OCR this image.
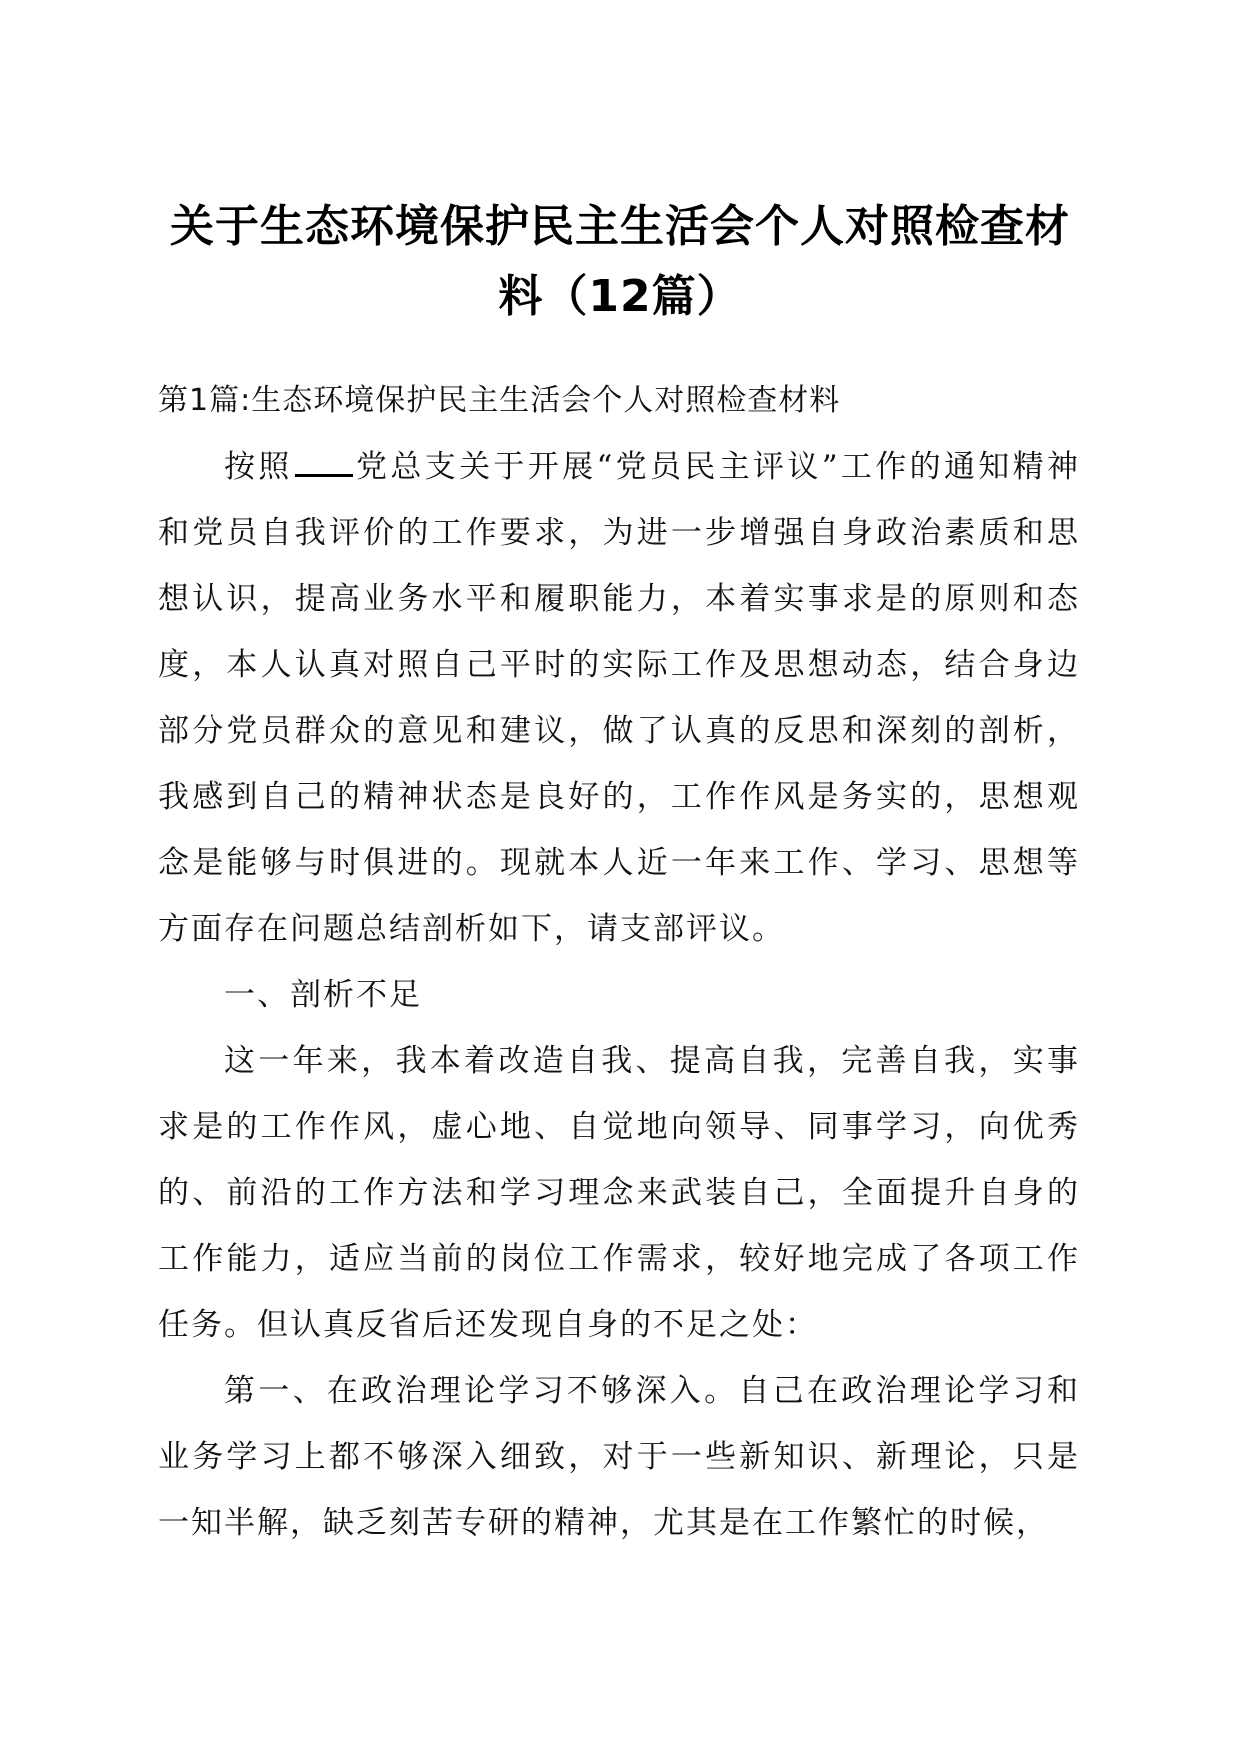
关于生态环境保护民主生活会个人对照检查材料（12篇）

第1篇:生态环境保护民主生活会个人对照检查材料

按照 党总支关于开展“党员民主评议”工作的通知精神和党员自我评价的工作要求，为进一步增强自身政治素质和思想认识，提高业务水平和履职能力，本着实事求是的原则和态度，本人认真对照自己平时的实际工作及思想动态，结合身边部分党员群众的意见和建议，做了认真的反思和深刻的剖析，我感到自己的精神状态是良好的，工作作风是务实的，思想观念是能够与时俱进的。现就本人近一年来工作、学习、思想等方面存在问题总结剖析如下，请支部评议。

一、剖析不足

这一年来，我本着改造自我、提高自我，完善自我，实事求是的工作作风，虚心地、自觉地向领导、同事学习，向优秀的、前沿的工作方法和学习理念来武装自己，全面提升自身的工作能力，适应当前的岗位工作需求，较好地完成了各项工作任务。但认真反省后还发现自身的不足之处：

第一、在政治理论学习不够深入。自己在政治理论学习和业务学习上都不够深入细致，对于一些新知识、新理论，只是一知半解，缺乏刻苦专研的精神，尤其是在工作繁忙的时候，
